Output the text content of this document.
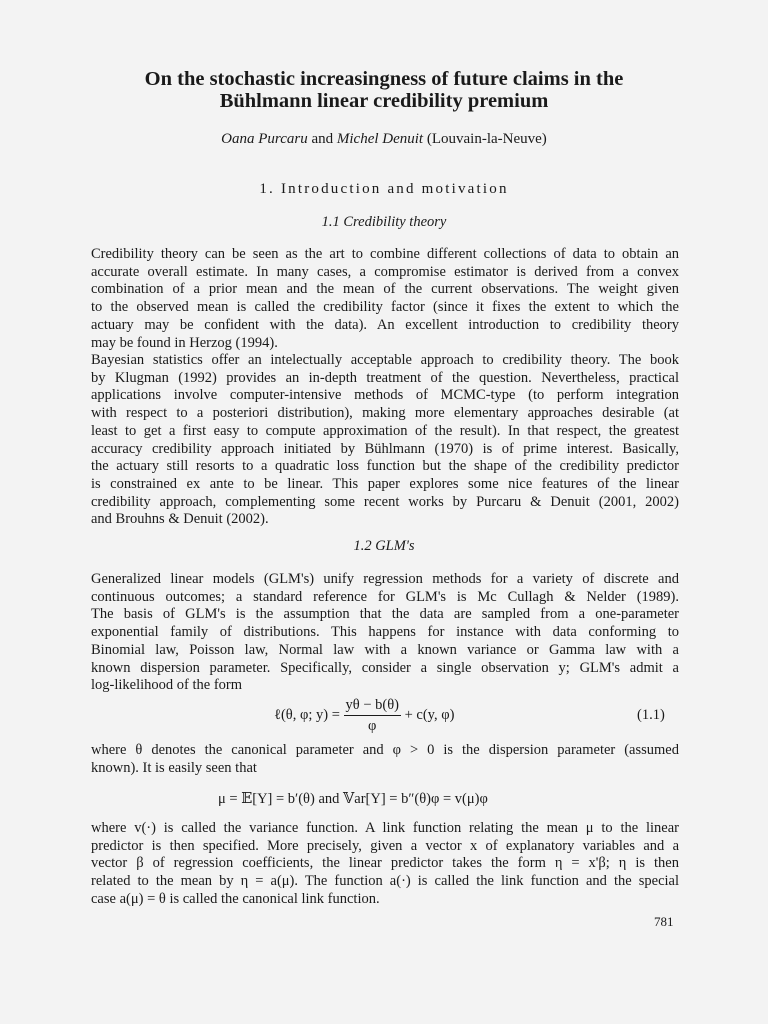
On the stochastic increasingness of future claims in the
Bühlmann linear credibility premium
Oana Purcaru and Michel Denuit (Louvain-la-Neuve)
1. Introduction and motivation
1.1 Credibility theory
Credibility theory can be seen as the art to combine different collections of data to obtain an
accurate overall estimate. In many cases, a compromise estimator is derived from a convex
combination of a prior mean and the mean of the current observations. The weight given
to the observed mean is called the credibility factor (since it fixes the extent to which the
actuary may be confident with the data). An excellent introduction to credibility theory
may be found in Herzog (1994).
Bayesian statistics offer an intelectually acceptable approach to credibility theory. The book
by Klugman (1992) provides an in-depth treatment of the question. Nevertheless, practical
applications involve computer-intensive methods of MCMC-type (to perform integration
with respect to a posteriori distribution), making more elementary approaches desirable (at
least to get a first easy to compute approximation of the result). In that respect, the greatest
accuracy credibility approach initiated by Bühlmann (1970) is of prime interest. Basically,
the actuary still resorts to a quadratic loss function but the shape of the credibility predictor
is constrained ex ante to be linear. This paper explores some nice features of the linear
credibility approach, complementing some recent works by Purcaru & Denuit (2001, 2002)
and Brouhns & Denuit (2002).
1.2 GLM's
Generalized linear models (GLM's) unify regression methods for a variety of discrete and
continuous outcomes; a standard reference for GLM's is Mc Cullagh & Nelder (1989).
The basis of GLM's is the assumption that the data are sampled from a one-parameter
exponential family of distributions. This happens for instance with data conforming to
Binomial law, Poisson law, Normal law with a known variance or Gamma law with a
known dispersion parameter. Specifically, consider a single observation y; GLM's admit a
log-likelihood of the form
ℓ(θ, φ; $y) = \frac{y\theta - b(\theta)}{\varphi} + c(y$, φ)	(1.1)
where θ denotes the canonical parameter and φ > 0 is the dispersion parameter (assumed
known). It is easily seen that
μ = 𝔼[Y] = b′(θ) and 𝕍ar[Y] = b″(θ)φ = v(μ)φ
where v(·) is called the variance function. A link function relating the mean μ to the linear
predictor is then specified. More precisely, given a vector x of explanatory variables and a
vector β of regression coefficients, the linear predictor takes the form η = x'β; η is then
related to the mean by η = a(μ). The function a(·) is called the link function and the special
case a(μ) = θ is called the canonical link function.
781
